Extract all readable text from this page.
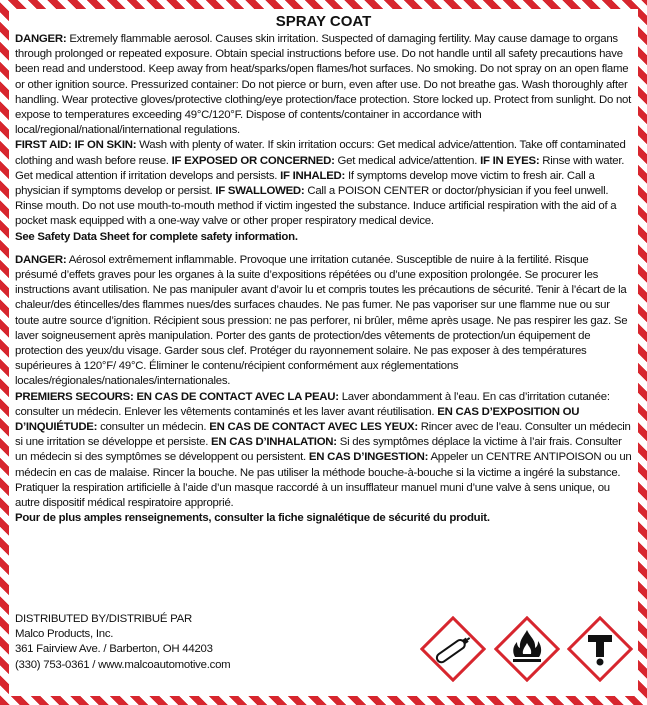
SPRAY COAT

DANGER: Extremely flammable aerosol. Causes skin irritation. Suspected of damaging fertility. May cause damage to organs through prolonged or repeated exposure. Obtain special instructions before use. Do not handle until all safety precautions have been read and understood. Keep away from heat/sparks/open flames/hot surfaces. No smoking. Do not spray on an open flame or other ignition source. Pressurized container: Do not pierce or burn, even after use. Do not breathe gas. Wash thoroughly after handling. Wear protective gloves/protective clothing/eye protection/face protection. Store locked up. Protect from sunlight. Do not expose to temperatures exceeding 49°C/120°F. Dispose of contents/container in accordance with local/regional/national/international regulations.

FIRST AID: IF ON SKIN: Wash with plenty of water. If skin irritation occurs: Get medical advice/attention. Take off contaminated clothing and wash before reuse. IF EXPOSED OR CONCERNED: Get medical advice/attention. IF IN EYES: Rinse with water. Get medical attention if irritation develops and persists. IF INHALED: If symptoms develop move victim to fresh air. Call a physician if symptoms develop or persist. IF SWALLOWED: Call a POISON CENTER or doctor/physician if you feel unwell. Rinse mouth. Do not use mouth-to-mouth method if victim ingested the substance. Induce artificial respiration with the aid of a pocket mask equipped with a one-way valve or other proper respiratory medical device.

See Safety Data Sheet for complete safety information.

DANGER: Aérosol extrêmement inflammable. Provoque une irritation cutanée. Susceptible de nuire à la fertilité. Risque présumé d’effets graves pour les organes à la suite d’expositions répétées ou d’une exposition prolongée. Se procurer les instructions avant utilisation. Ne pas manipuler avant d’avoir lu et compris toutes les précautions de sécurité. Tenir à l’écart de la chaleur/des étincelles/des flammes nues/des surfaces chaudes. Ne pas fumer. Ne pas vaporiser sur une flamme nue ou sur toute autre source d’ignition. Récipient sous pression: ne pas perforer, ni brûler, même après usage. Ne pas respirer les gaz. Se laver soigneusement après manipulation. Porter des gants de protection/des vêtements de protection/un équipement de protection des yeux/du visage. Garder sous clef. Protéger du rayonnement solaire. Ne pas exposer à des températures supérieures à 120°F/ 49°C. Éliminer le contenu/récipient conformément aux réglementations locales/régionales/nationales/internationales.

PREMIERS SECOURS: EN CAS DE CONTACT AVEC LA PEAU: Laver abondamment à l’eau. En cas d’irritation cutanée: consulter un médecin. Enlever les vêtements contaminés et les laver avant réutilisation. EN CAS D’EXPOSITION OU D’INQUIÉTUDE: consulter un médecin. EN CAS DE CONTACT AVEC LES YEUX: Rincer avec de l’eau. Consulter un médecin si une irritation se développe et persiste. EN CAS D’INHALATION: Si des symptômes déplace la victime à l’air frais. Consulter un médecin si des symptômes se développent ou persistent. EN CAS D’INGESTION: Appeler un CENTRE ANTIPOISON ou un médecin en cas de malaise. Rincer la bouche. Ne pas utiliser la méthode bouche-à-bouche si la victime a ingéré la substance. Pratiquer la respiration artificielle à l’aide d’un masque raccordé à un insufflateur manuel muni d’une valve à sens unique, ou autre dispositif médical respiratoire approprié.

Pour de plus amples renseignements, consulter la fiche signalétique de sécurité du produit.

DISTRIBUTED BY/DISTRIBUÉ PAR
Malco Products, Inc.
361 Fairview Ave. / Barberton, OH 44203
(330) 753-0361 / www.malcoautomotive.com
